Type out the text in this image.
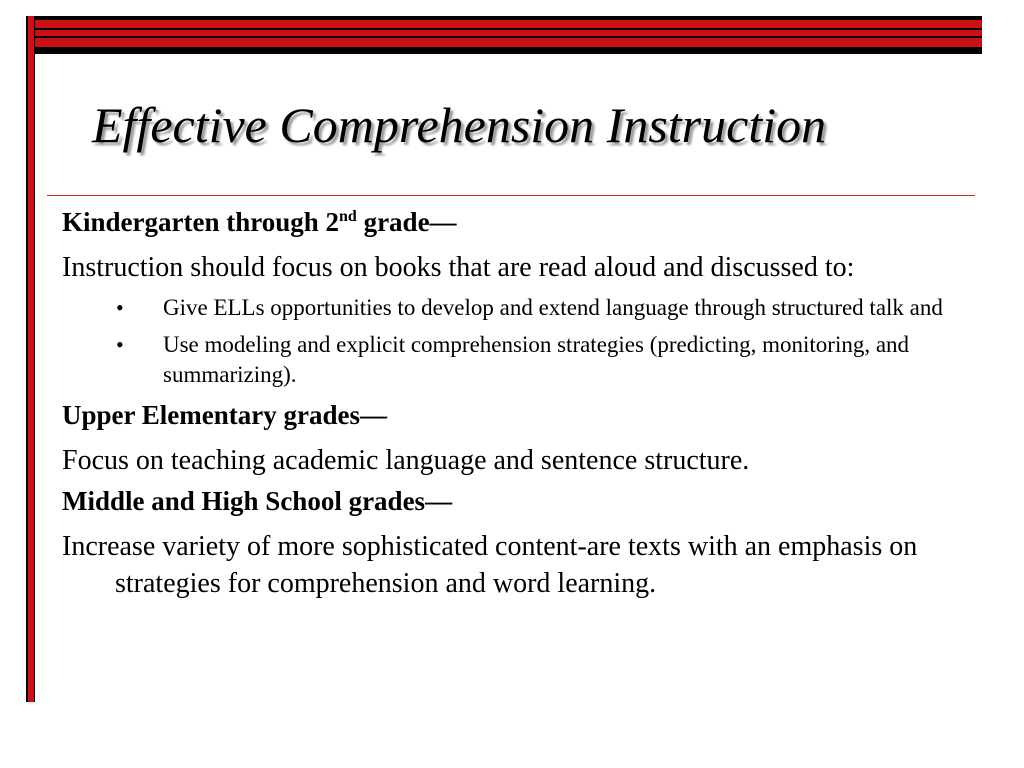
Effective Comprehension Instruction

Kindergarten through 2nd grade—

Instruction should focus on books that are read aloud and discussed to:

• Give ELLs opportunities to develop and extend language through structured talk and
• Use modeling and explicit comprehension strategies (predicting, monitoring, and summarizing).

Upper Elementary grades—

Focus on teaching academic language and sentence structure.

Middle and High School grades—

Increase variety of more sophisticated content-are texts with an emphasis on strategies for comprehension and word learning.
